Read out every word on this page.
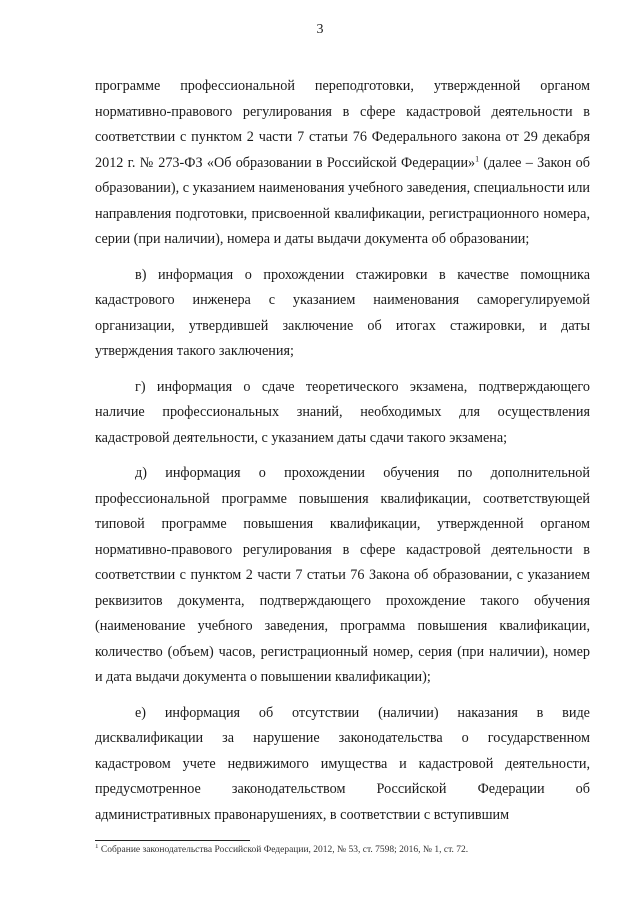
3

программе профессиональной переподготовки, утвержденной органом нормативно-правового регулирования в сфере кадастровой деятельности в соответствии с пунктом 2 части 7 статьи 76 Федерального закона от 29 декабря 2012 г. № 273-ФЗ «Об образовании в Российской Федерации»$^1$ (далее – Закон об образовании), с указанием наименования учебного заведения, специальности или направления подготовки, присвоенной квалификации, регистрационного номера, серии (при наличии), номера и даты выдачи документа об образовании;

в) информация о прохождении стажировки в качестве помощника кадастрового инженера с указанием наименования саморегулируемой организации, утвердившей заключение об итогах стажировки, и даты утверждения такого заключения;

г) информация о сдаче теоретического экзамена, подтверждающего наличие профессиональных знаний, необходимых для осуществления кадастровой деятельности, с указанием даты сдачи такого экзамена;

д) информация о прохождении обучения по дополнительной профессиональной программе повышения квалификации, соответствующей типовой программе повышения квалификации, утвержденной органом нормативно-правового регулирования в сфере кадастровой деятельности в соответствии с пунктом 2 части 7 статьи 76 Закона об образовании, с указанием реквизитов документа, подтверждающего прохождение такого обучения (наименование учебного заведения, программа повышения квалификации, количество (объем) часов, регистрационный номер, серия (при наличии), номер и дата выдачи документа о повышении квалификации);

е) информация об отсутствии (наличии) наказания в виде дисквалификации за нарушение законодательства о государственном кадастровом учете недвижимого имущества и кадастровой деятельности, предусмотренное законодательством Российской Федерации об административных правонарушениях, в соответствии с вступившим

$^1$ Собрание законодательства Российской Федерации, 2012, № 53, ст. 7598; 2016, № 1, ст. 72.
